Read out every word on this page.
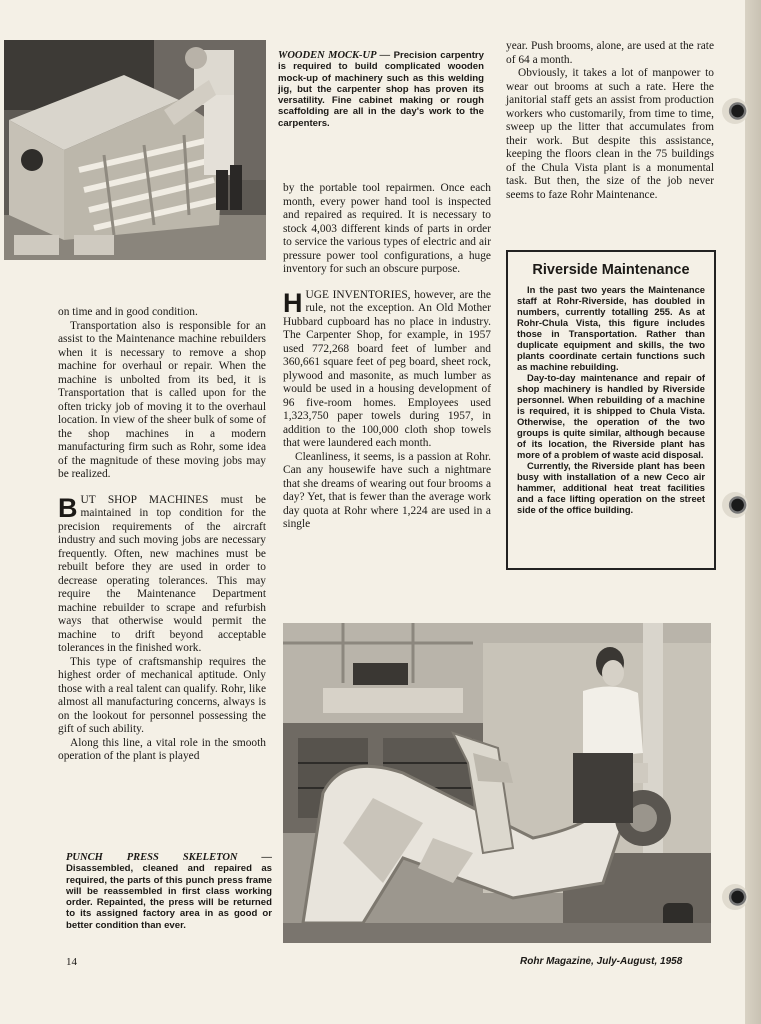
WOODEN MOCK-UP — Precision carpentry is required to build complicated wooden mock-up of machinery such as this welding jig, but the carpenter shop has proven its versatility. Fine cabinet making or rough scaffolding are all in the day's work to the carpenters.

on time and in good condition.

Transportation also is responsible for an assist to the Maintenance machine rebuilders when it is necessary to remove a shop machine for overhaul or repair. When the machine is unbolted from its bed, it is Transportation that is called upon for the often tricky job of moving it to the overhaul location. In view of the sheer bulk of some of the shop machines in a modern manufacturing firm such as Rohr, some idea of the magnitude of these moving jobs may be realized.

BUT SHOP MACHINES must be maintained in top condition for the precision requirements of the aircraft industry and such moving jobs are necessary frequently. Often, new machines must be rebuilt before they are used in order to decrease operating tolerances. This may require the Maintenance Department machine rebuilder to scrape and refurbish ways that otherwise would permit the machine to drift beyond acceptable tolerances in the finished work.

This type of craftsmanship requires the highest order of mechanical aptitude. Only those with a real talent can qualify. Rohr, like almost all manufacturing concerns, always is on the lookout for personnel possessing the gift of such ability.

Along this line, a vital role in the smooth operation of the plant is played

by the portable tool repairmen. Once each month, every power hand tool is inspected and repaired as required. It is necessary to stock 4,003 different kinds of parts in order to service the various types of electric and air pressure power tool configurations, a huge inventory for such an obscure purpose.

HUGE INVENTORIES, however, are the rule, not the exception. An Old Mother Hubbard cupboard has no place in industry. The Carpenter Shop, for example, in 1957 used 772,268 board feet of lumber and 360,661 square feet of peg board, sheet rock, plywood and masonite, as much lumber as would be used in a housing development of 96 five-room homes. Employees used 1,323,750 paper towels during 1957, in addition to the 100,000 cloth shop towels that were laundered each month.

Cleanliness, it seems, is a passion at Rohr. Can any housewife have such a nightmare that she dreams of wearing out four brooms a day? Yet, that is fewer than the average work day quota at Rohr where 1,224 are used in a single

year. Push brooms, alone, are used at the rate of 64 a month.

Obviously, it takes a lot of manpower to wear out brooms at such a rate. Here the janitorial staff gets an assist from production workers who customarily, from time to time, sweep up the litter that accumulates from their work. But despite this assistance, keeping the floors clean in the 75 buildings of the Chula Vista plant is a monumental task. But then, the size of the job never seems to faze Rohr Maintenance.

Riverside Maintenance

In the past two years the Maintenance staff at Rohr-Riverside, has doubled in numbers, currently totalling 255. As at Rohr-Chula Vista, this figure includes those in Transportation. Rather than duplicate equipment and skills, the two plants coordinate certain functions such as machine rebuilding.

Day-to-day maintenance and repair of shop machinery is handled by Riverside personnel. When rebuilding of a machine is required, it is shipped to Chula Vista. Otherwise, the operation of the two groups is quite similar, although because of its location, the Riverside plant has more of a problem of waste acid disposal.

Currently, the Riverside plant has been busy with installation of a new Ceco air hammer, additional heat treat facilities and a face lifting operation on the street side of the office building.

PUNCH PRESS SKELETON — Disassembled, cleaned and repaired as required, the parts of this punch press frame will be reassembled in first class working order. Repainted, the press will be returned to its assigned factory area in as good or better condition than ever.
14	Rohr Magazine, July-August, 1958
